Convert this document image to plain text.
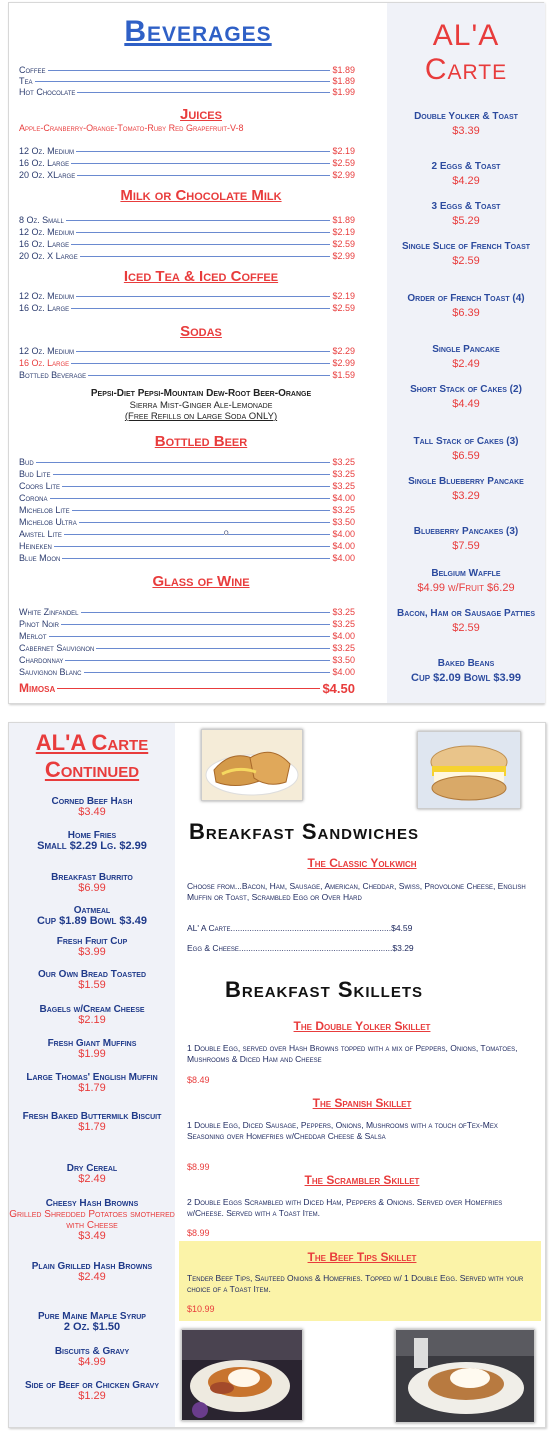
Beverages
Coffee	$1.89
Tea	$1.89
Hot Chocolate	$1.99
Juices
Apple-Cranberry-Orange-Tomato-Ruby Red Grapefruit-V-8
12 Oz. Medium	$2.19
16 Oz. Large	$2.59
20 Oz. XLarge	$2.99
Milk or Chocolate Milk
8 Oz. Small	$1.89
12 Oz. Medium	$2.19
16 Oz. Large	$2.59
20 Oz. X Large	$2.99
Iced Tea & Iced Coffee
12 Oz. Medium	$2.19
16 Oz. Large	$2.59
Sodas
12 Oz. Medium	$2.29
16 Oz. Large	$2.99
Bottled Beverage	$1.59
Pepsi-Diet Pepsi-Mountain Dew-Root Beer-Orange
Sierra Mist-Ginger Ale-Lemonade
(Free Refills on Large Soda ONLY)
Bottled Beer
Bud	$3.25
Bud Lite	$3.25
Coors Lite	$3.25
Corona	$4.00
Michelob Lite	$3.25
Michelob Ultra	$3.50
Amstel Lite	o	$4.00
Heineken	$4.00
Blue Moon	$4.00
Glass of Wine
White Zinfandel	$3.25
Pinot Noir	$3.25
Merlot	$4.00
Cabernet Sauvignon	$3.25
Chardonnay	$3.50
Sauvignon Blanc	$4.00
Mimosa	$4.50
AL'A
Carte
Double Yolker & Toast
$3.39
2 Eggs & Toast
$4.29
3 Eggs & Toast
$5.29
Single Slice of French Toast
$2.59
Order of French Toast (4)
$6.39
Single Pancake
$2.49
Short Stack of Cakes (2)
$4.49
Tall Stack of Cakes (3)
$6.59
Single Blueberry Pancake
$3.29
Blueberry Pancakes (3)
$7.59
Belgium Waffle
$4.99 w/Fruit $6.29
Bacon, Ham or Sausage Patties
$2.59
Baked Beans
Cup $2.09 Bowl $3.99
AL'A Carte
Continued
Corned Beef Hash
$3.49
Home Fries
Small $2.29 Lg. $2.99
Breakfast Burrito
$6.99
Oatmeal
Cup $1.89 Bowl $3.49
Fresh Fruit Cup
$3.99
Our Own Bread Toasted
$1.59
Bagels w/Cream Cheese
$2.19
Fresh Giant Muffins
$1.99
Large Thomas' English Muffin
$1.79
Fresh Baked Buttermilk Biscuit
$1.79
Dry Cereal
$2.49
Cheesy Hash Browns
Grilled Shredded Potatoes smothered with Cheese
$3.49
Plain Grilled Hash Browns
$2.49
Pure Maine Maple Syrup
2 Oz. $1.50
Biscuits & Gravy
$4.99
Side of Beef or Chicken Gravy
$1.29
Breakfast Sandwiches
The Classic Yolkwich
Choose from...Bacon, Ham, Sausage, American, Cheddar, Swiss, Provolone Cheese, English Muffin or Toast, Scrambled Egg or Over Hard
AL' A Carte....................................................................$4.59
Egg & Cheese.................................................................$3.29
Breakfast Skillets
The Double Yolker Skillet
1 Double Egg, served over Hash Browns topped with a mix of Peppers, Onions, Tomatoes, Mushrooms & Diced Ham and Cheese
$8.49
The Spanish Skillet
1 Double Egg, Diced Sausage, Peppers, Onions, Mushrooms with a touch ofTex-Mex Seasoning over Homefries w/Cheddar Cheese & Salsa
$8.99
The Scrambler Skillet
2 Double Eggs Scrambled with Diced Ham, Peppers & Onions. Served over Homefries w/Cheese. Served with a Toast Item.
$8.99
The Beef Tips Skillet
Tender Beef Tips, Sauteed Onions & Homefries. Topped w/ 1 Double Egg. Served with your choice of a Toast Item.
$10.99
